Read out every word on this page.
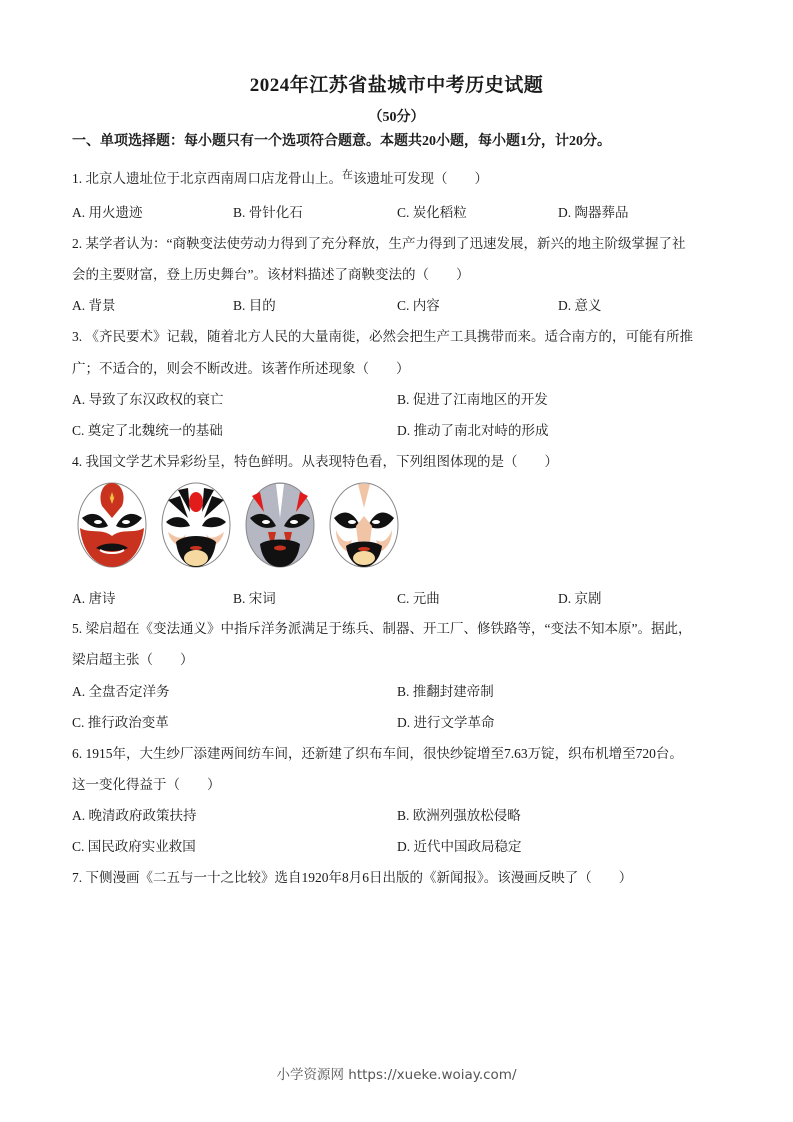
2024年江苏省盐城市中考历史试题
（50分）
一、单项选择题：每小题只有一个选项符合题意。本题共20小题，每小题1分，计20分。
1. 北京人遗址位于北京西南周口店龙骨山上。$^在$该遗址可发现（　　）
A. 用火遗迹	B. 骨针化石	C. 炭化稻粒	D. 陶器葬品
2. 某学者认为：“商鞅变法使劳动力得到了充分释放，生产力得到了迅速发展，新兴的地主阶级掌握了社
会的主要财富，登上历史舞台”。该材料描述了商鞅变法的（　　）
A. 背景	B. 目的	C. 内容	D. 意义
3. 《齐民要术》记载，随着北方人民的大量南徙，必然会把生产工具携带而来。适合南方的，可能有所推
广；不适合的，则会不断改进。该著作所述现象（　　）
A. 导致了东汉政权的衰亡	B. 促进了江南地区的开发
C. 奠定了北魏统一的基础	D. 推动了南北对峙的形成
4. 我国文学艺术异彩纷呈，特色鲜明。从表现特色看，下列组图体现的是（　　）
A. 唐诗	B. 宋词	C. 元曲	D. 京剧
5. 梁启超在《变法通义》中指斥洋务派满足于练兵、制器、开工厂、修铁路等，“变法不知本原”。据此，
梁启超主张（　　）
A. 全盘否定洋务	B. 推翻封建帝制
C. 推行政治变革	D. 进行文学革命
6. 1915年，大生纱厂添建两间纺车间，还新建了织布车间，很快纱锭增至7.63万锭，织布机增至720台。
这一变化得益于（　　）
A. 晚清政府政策扶持	B. 欧洲列强放松侵略
C. 国民政府实业救国	D. 近代中国政局稳定
7. 下侧漫画《二五与一十之比较》选自1920年8月6日出版的《新闻报》。该漫画反映了（　　）
小学资源网 https://xueke.woiay.com/
